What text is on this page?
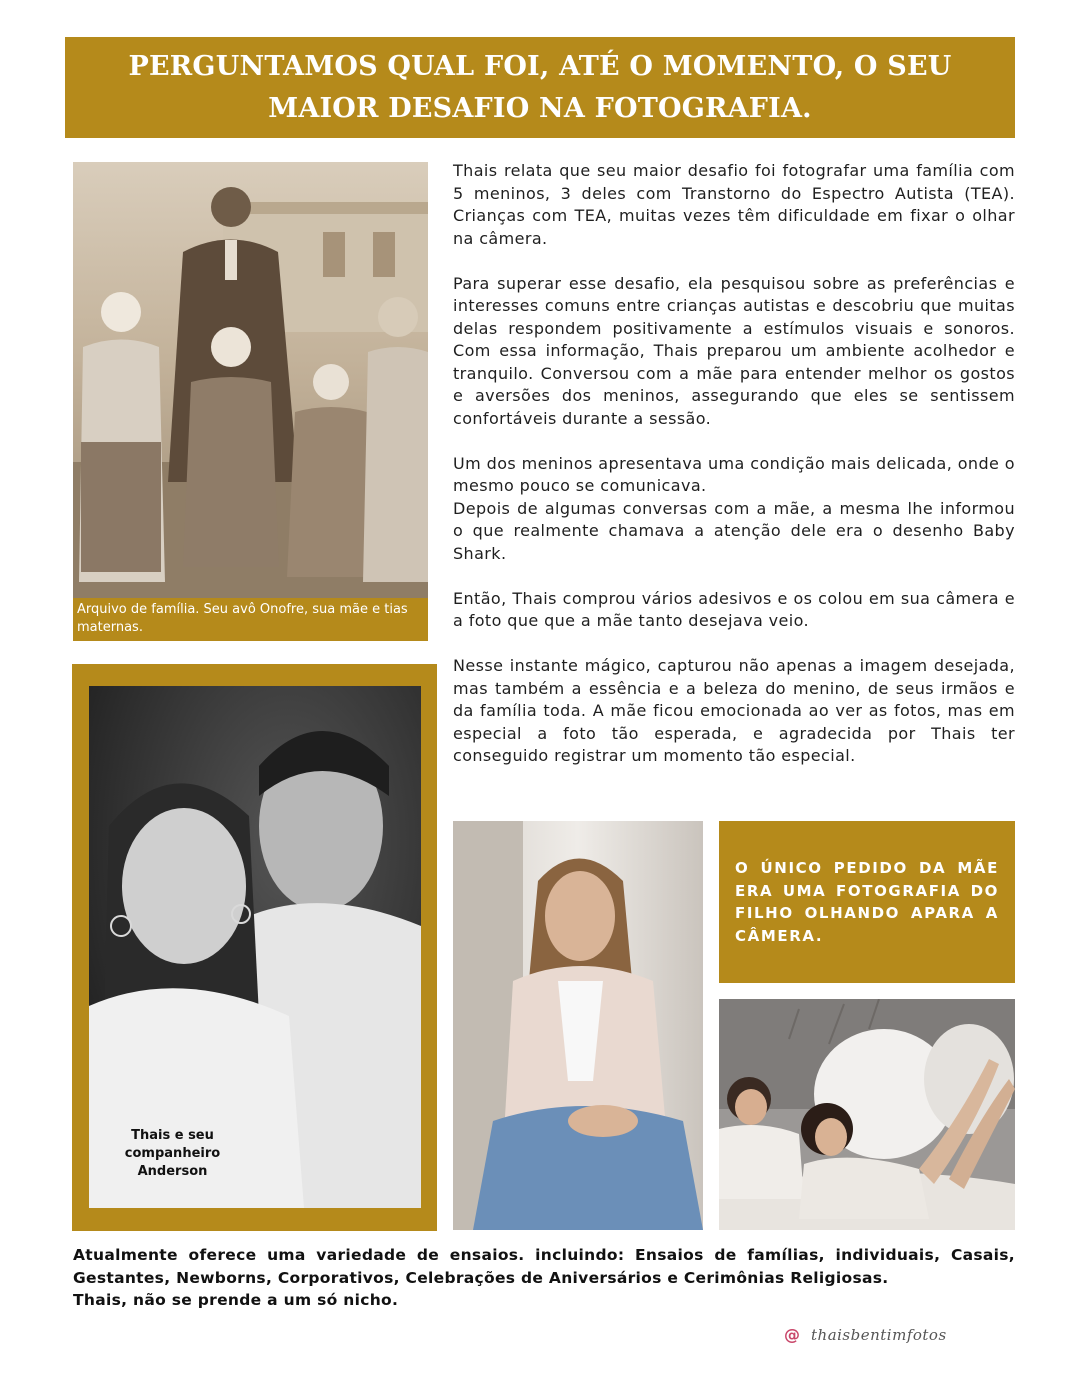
PERGUNTAMOS QUAL FOI, ATÉ O MOMENTO, O SEU MAIOR DESAFIO NA FOTOGRAFIA.
Arquivo de família. Seu avô Onofre, sua mãe e tias maternas.
Thais e seu companheiro Anderson

Thais relata que seu maior desafio foi fotografar uma família com 5 meninos, 3 deles com Transtorno do Espectro Autista (TEA). Crianças com TEA, muitas vezes têm dificuldade em fixar o olhar na câmera.

Para superar esse desafio, ela pesquisou sobre as preferências e interesses comuns entre crianças autistas e descobriu que muitas delas respondem positivamente a estímulos visuais e sonoros. Com essa informação, Thais preparou um ambiente acolhedor e tranquilo. Conversou com a mãe para entender melhor os gostos e aversões dos meninos, assegurando que eles se sentissem confortáveis durante a sessão.

Um dos meninos apresentava uma condição mais delicada, onde o mesmo pouco se comunicava.

Depois de algumas conversas com a mãe, a mesma lhe informou o que realmente chamava a atenção dele era o desenho Baby Shark.

Então, Thais comprou vários adesivos e os colou em sua câmera e a foto que que a mãe tanto desejava veio.

Nesse instante mágico, capturou não apenas a imagem desejada, mas também a essência e a beleza do menino, de seus irmãos e da família toda. A mãe ficou emocionada ao ver as fotos, mas em especial a foto tão esperada, e agradecida por Thais ter conseguido registrar um momento tão especial.

O ÚNICO PEDIDO DA MÃE ERA UMA FOTOGRAFIA DO FILHO OLHANDO APARA A CÂMERA.

Atualmente oferece uma variedade de ensaios. incluindo: Ensaios de famílias, individuais, Casais, Gestantes, Newborns, Corporativos, Celebrações de Aniversários e Cerimônias Religiosas.

Thais, não se prende a um só nicho.

@ thaisbentimfotos
